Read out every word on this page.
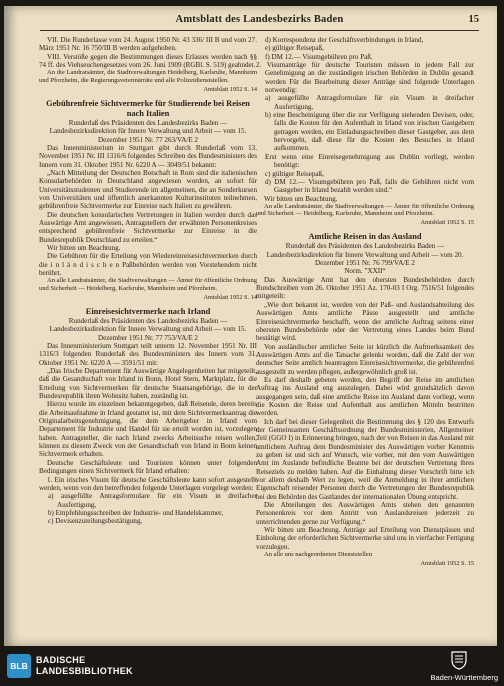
Amtsblatt des Landesbezirks Baden	15

VII. Die Runderlasse vom 24. August 1950 Nr. 43 336/ III B und vom 27. März 1951 Nr. 16 750/III B werden aufgehoben.

VIII. Verstöße gegen die Bestimmungen dieses Erlasses werden nach §§ 74 ff. des Viehseuchengesetzes vom 26. Juni 1909 (RGBl. S. 519) geahndet.

An die Landratsämter, die Stadtverwaltungen Heidelberg, Karlsruhe, Mannheim und Pforzheim, die Regierungsveterinärräte und alle Polizeidienststellen.

Amtsblatt 1952 S. 14

Gebührenfreie Sichtvermerke für Studierende bei Reisen nach Italien

Runderlaß des Präsidenten des Landesbezirks Baden — Landesbezirksdirektion für Innere Verwaltung und Arbeit — vom 15. Dezember 1951 Nr. 77 263/VA/E 2

Das Innenministerium in Stuttgart gibt durch Runderlaß vom 13. November 1951 Nr. III 1316/6 folgendes Schreiben des Bundesministers des Innern vom 31. Oktober 1951 Nr. 6220 A — 3049/51 bekannt:

„Nach Mitteilung der Deutschen Botschaft in Rom sind die italienischen Konsularbehörden in Deutschland angewiesen worden, an sofort für Universitätsstudenten und Studierende im allgemeinen, die an Sonderkursen von Universitäten und öffentlich anerkannten Kulturinstituten teilnehmen, gebührenfreie Sichtvermerke zur Einreise nach Italien zu gewähren.

Die deutschen konsularischen Vertretungen in Italien werden durch das Auswärtige Amt angewiesen, Antragstellern der erwähnten Personenkreises entsprechend gebührenfreie Sichtvermerke zur Einreise in die Bundesrepublik Deutschland zu erteilen.“

Wir bitten um Beachtung.

Die Gebühren für die Erteilung von Wiedereinreisesichtvermerken durch die i n l ä n d i s c h e n Paßbehörden werden von Vorstehendem nicht berührt.

An alle Landratsämter, die Stadtverwaltungen — Ämter für öffentliche Ordnung und Sicherheit — Heidelberg, Karlsruhe, Mannheim und Pforzheim.

Amtsblatt 1952 S. 14

Einreisesichtvermerke nach Irland

Runderlaß des Präsidenten des Landesbezirks Baden — Landesbezirksdirektion für Innere Verwaltung und Arbeit — vom 15. Dezember 1951 Nr. 77 753/VA/E 2

Das Innenministerium Stuttgart teilt unterm 12. November 1951 Nr. III 1316/3 folgenden Runderlaß des Bundesministers des Innern vom 31. Oktober 1951 Nr. 6220 A — 3591/51 mit:

„Das Irische Departement für Auswärtige Angelegenheiten hat mitgeteilt, daß die Gesandtschaft von Irland in Bonn, Hotel Stern, Marktplatz, für die Erteilung von Sichtvermerken für deutsche Staatsangehörige, die in der Bundesrepublik ihren Wohnsitz haben, zuständig ist.

Hierzu wurde im einzelnen bekanntgegeben, daß Reisende, deren bereits die Arbeitsaufnahme in Irland gestattet ist, mit dem Sichtvermerksantrag die Originalarbeitsgenehmigung, die dem Arbeitgeber in Irland vom Departement für Industrie und Handel für sie erteilt worden ist, vorzulegen haben. Antragsteller, die nach Irland zwecks Arbeitsuche reisen wollen, können zu diesem Zweck von der Gesandtschaft von Irland in Bonn keinen Sichtvermerk erhalten.

Deutsche Geschäftsleute und Touristen können unter folgenden Bedingungen einen Sichtvermerk für Irland erhalten:

1. Ein irisches Visum für deutsche Geschäftsleute kann sofort ausgestellt werden, wenn von den betreffenden folgende Unterlagen vorgelegt werden:

a) ausgefüllte Antragsformulare für ein Visum in dreifacher Ausfertigung,

b) Empfehlungsschreiben der Industrie- und Handelskammer,

c) Devisenzuteilungsbestätigung,

d) Korrespondenz der Geschäftsverbindungen in Irland,

e) gültiger Reisepaß,

f) DM 12.— Visumgebühren pro Paß.

2. Visumanträge für deutsche Touristen müssen in jedem Fall zur Genehmigung an die zuständigen irischen Behörden in Dublin gesandt werden Für die Bearbeitung dieser Anträge sind folgende Unterlagen notwendig:

a) ausgefüllte Antragsformulare für ein Visum in dreifacher Ausfertigung,

b) eine Bescheinigung über die zur Verfügung stehenden Devisen, oder, falls die Kosten für den Aufenthalt in Irland von irischen Gastgebern getragen werden, ein Einladungsschreiben dieser Gastgeber, aus dem hervorgeht, daß diese für die Kosten des Besuches in Irland aufkommen.

Erst wenn eine Einreisegenehmigung aus Dublin vorliegt, werden benötigt:

c) gültiger Reisepaß,

d) DM 12.— Visumgebühren pro Paß, falls die Gebühren nicht vom Gastgeber in Irland bezahlt werden sind.“

Wir bitten um Beachtung.

An alle Landratsämter, die Stadtverwaltungen — Ämter für öffentliche Ordnung und Sicherheit — Heidelberg, Karlsruhe, Mannheim und Pforzheim.

Amtsblatt 1952 S. 15

Amtliche Reisen in das Ausland

Runderlaß des Präsidenten des Landesbezirks Baden — Landesbezirksdirektion für Innere Verwaltung und Arbeit — vom 20. Dezember 1951 Nr. 76 799/VA/E 2

Norm. ”XXII“

Das Auswärtige Amt hat den obersten Bundesbehörden durch Rundschreiben vom 26. Oktober 1951 Az. 170-03 I Org. 7516/51 folgendes mitgeteilt:

„Wie dort bekannt ist, werden von der Paß- und Auslandsabteilung des Auswärtigen Amts amtliche Pässe ausgestellt und amtliche Einreisesichtvermerke beschafft, wenn der amtliche Auftrag seitens einer obersten Bundesbehörde oder der Vertretung eines Landes beim Bund bestätigt wird.

Von ausländischer amtlicher Seite ist kürzlich die Aufmerksamkeit des Auswärtigen Amts auf die Tatsache gelenkt worden, daß die Zahl der von deutscher Seite amtlich beantragten Einreisesichtvermerke, die gebührenfrei ausgestellt zu werden pflegen, außergewöhnlich groß ist.

Es darf deshalb gebeten werden, den Begriff der Reise im amtlichen Auftrag ins Ausland eng auszulegen. Dabei wird grundsätzlich davon ausgegangen sein, daß eine amtliche Reise ins Ausland dann vorliegt, wenn die Kosten der Reise und Aufenthalt aus amtlichen Mitteln bestritten werden.

Ich darf bei dieser Gelegenheit die Bestimmung des § 120 des Entwurfs der Gemeinsamen Geschäftsordnung der Bundesministerien, Allgemeiner Teil (GGO I) in Erinnerung bringen, nach der von Reisen in das Ausland mit amtlichem Auftrag dem Bundesminister des Auswärtigen vorher Kenntnis zu geben ist und sich auf Wunsch, wie vorher, mit den vom Auswärtigen Amt im Auslande befindliche Beamte bei der deutschen Vertretung ihres Reiseziels zu melden haben. Auf die Einhaltung dieser Vorschrift bitte ich vor allem deshalb Wert zu legen, weil die Anmeldung in ihrer amtlichen Eigenschaft reisender Personen durch die Vertretungen der Bundesrepublik bei den Behörden des Gastlandes der internationalen Übung entspricht.

Die Abteilungen des Auswärtigen Amts stehen den genannten Personenkreis vor dem Antritt von Auslandsreisen jederzeit zu unterrichtenden gerne zur Verfügung.“

Wir bitten um Beachtung. Anträge auf Erteilung von Dienstpässen und Einholung der erforderlichen Sichtvermerke sind uns in vierfacher Fertigung vorzulegen.

An alle uns nachgeordneten Dienststellen

Amtsblatt 1952 S. 15

BLB
BADISCHE
LANDESBIBLIOTHEK
Baden-Württemberg
